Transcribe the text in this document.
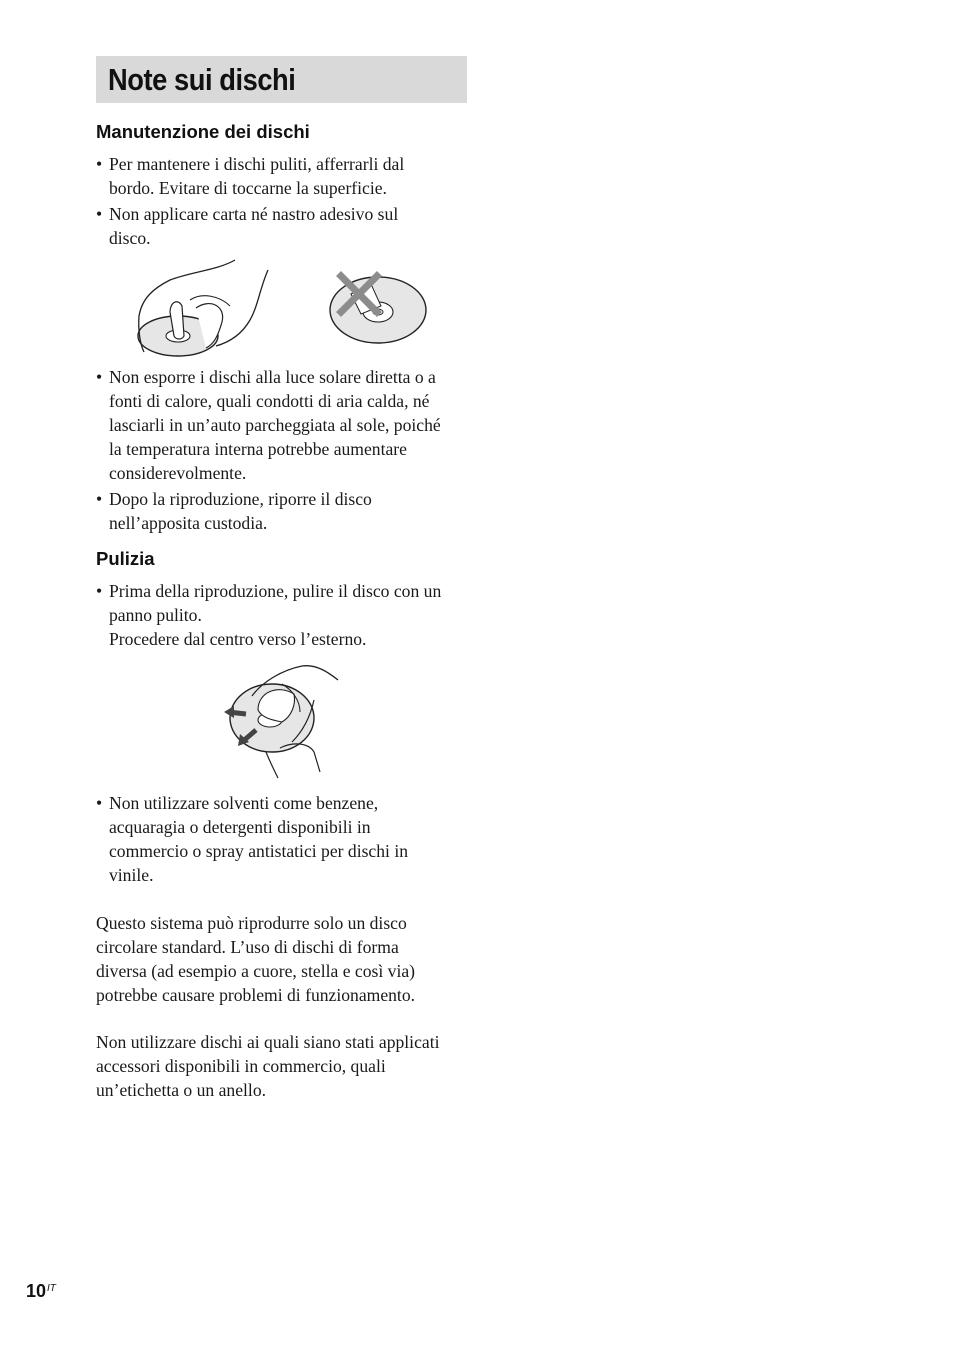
Note sui dischi
Manutenzione dei dischi
• Per mantenere i dischi puliti, afferrarli dal
bordo. Evitare di toccarne la superficie.
• Non applicare carta né nastro adesivo sul
disco.
• Non esporre i dischi alla luce solare diretta o a
fonti di calore, quali condotti di aria calda, né
lasciarli in un’auto parcheggiata al sole, poiché
la temperatura interna potrebbe aumentare
considerevolmente.
• Dopo la riproduzione, riporre il disco
nell’apposita custodia.
Pulizia
• Prima della riproduzione, pulire il disco con un
panno pulito.
Procedere dal centro verso l’esterno.
• Non utilizzare solventi come benzene,
acquaragia o detergenti disponibili in
commercio o spray antistatici per dischi in
vinile.

Questo sistema può riprodurre solo un disco
circolare standard. L’uso di dischi di forma
diversa (ad esempio a cuore, stella e così via)
potrebbe causare problemi di funzionamento.

Non utilizzare dischi ai quali siano stati applicati
accessori disponibili in commercio, quali
un’etichetta o un anello.

$10^{IT}$
